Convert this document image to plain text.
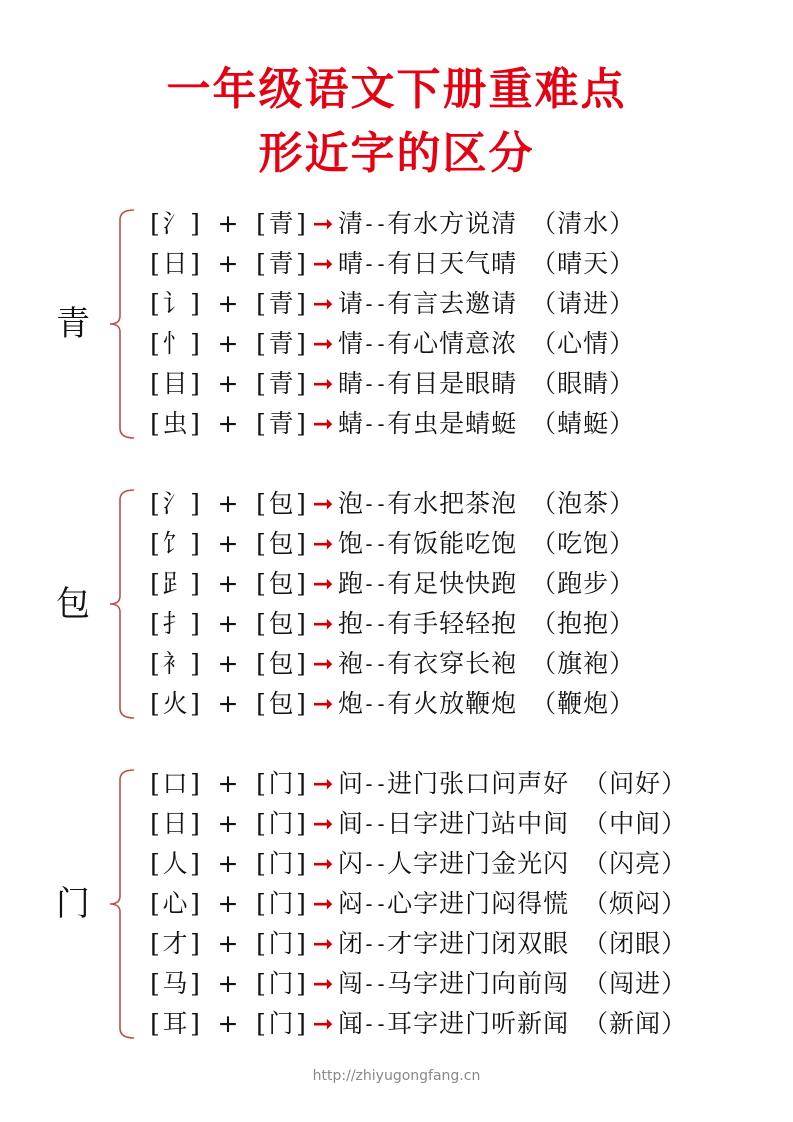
一年级语文下册重难点
形近字的区分
青
[ 氵 ] + [ 青 ] ➞ 清 -- 有水方说清 （清水）
[ 日 ] + [ 青 ] ➞ 晴 -- 有日天气晴 （晴天）
[ 讠 ] + [ 青 ] ➞ 请 -- 有言去邀请 （请进）
[ 忄 ] + [ 青 ] ➞ 情 -- 有心情意浓 （心情）
[ 目 ] + [ 青 ] ➞ 睛 -- 有目是眼睛 （眼睛）
[ 虫 ] + [ 青 ] ➞ 蜻 -- 有虫是蜻蜓 （蜻蜓）
包
[ 氵 ] + [ 包 ] ➞ 泡 -- 有水把茶泡 （泡茶）
[ 饣 ] + [ 包 ] ➞ 饱 -- 有饭能吃饱 （吃饱）
[ 𧾷 ] + [ 包 ] ➞ 跑 -- 有足快快跑 （跑步）
[ 扌 ] + [ 包 ] ➞ 抱 -- 有手轻轻抱 （抱抱）
[ 衤 ] + [ 包 ] ➞ 袍 -- 有衣穿长袍 （旗袍）
[ 火 ] + [ 包 ] ➞ 炮 -- 有火放鞭炮 （鞭炮）
门
[ 口 ] + [ 门 ] ➞ 问 -- 进门张口问声好 （问好）
[ 日 ] + [ 门 ] ➞ 间 -- 日字进门站中间 （中间）
[ 人 ] + [ 门 ] ➞ 闪 -- 人字进门金光闪 （闪亮）
[ 心 ] + [ 门 ] ➞ 闷 -- 心字进门闷得慌 （烦闷）
[ 才 ] + [ 门 ] ➞ 闭 -- 才字进门闭双眼 （闭眼）
[ 马 ] + [ 门 ] ➞ 闯 -- 马字进门向前闯 （闯进）
[ 耳 ] + [ 门 ] ➞ 闻 -- 耳字进门听新闻 （新闻）
http://zhiyugongfang.cn
